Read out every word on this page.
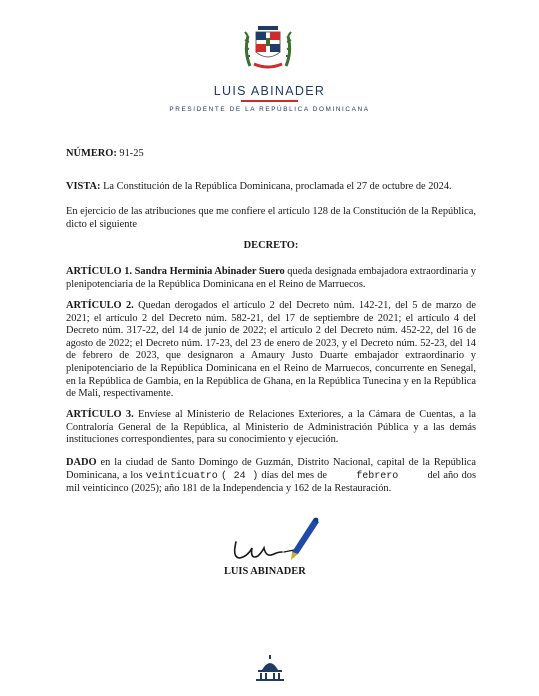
LUIS ABINADER
PRESIDENTE DE LA REPÚBLICA DOMINICANA
NÚMERO: 91-25
VISTA: La Constitución de la República Dominicana, proclamada el 27 de octubre de 2024.
En ejercicio de las atribuciones que me confiere el artículo 128 de la Constitución de la República, dicto el siguiente
DECRETO:
ARTÍCULO 1. Sandra Herminia Abinader Suero queda designada embajadora extraordinaria y plenipotenciaria de la República Dominicana en el Reino de Marruecos.
ARTÍCULO 2. Quedan derogados el artículo 2 del Decreto núm. 142-21, del 5 de marzo de 2021; el artículo 2 del Decreto núm. 582-21, del 17 de septiembre de 2021; el artículo 4 del Decreto núm. 317-22, del 14 de junio de 2022; el artículo 2 del Decreto núm. 452-22, del 16 de agosto de 2022; el Decreto núm. 17-23, del 23 de enero de 2023, y el Decreto núm. 52-23, del 14 de febrero de 2023, que designaron a Amaury Justo Duarte embajador extraordinario y plenipotenciario de la República Dominicana en el Reino de Marruecos, concurrente en Senegal, en la República de Gambia, en la República de Ghana, en la República Tunecina y en la República de Mali, respectivamente.
ARTÍCULO 3. Envíese al Ministerio de Relaciones Exteriores, a la Cámara de Cuentas, a la Contraloría General de la República, al Ministerio de Administración Pública y a las demás instituciones correspondientes, para su conocimiento y ejecución.
DADO en la ciudad de Santo Domingo de Guzmán, Distrito Nacional, capital de la República Dominicana, a los veinticuatro ( 24 ) días del mes de	febrero	del año dos mil veinticinco (2025); año 181 de la Independencia y 162 de la Restauración.
LUIS ABINADER
